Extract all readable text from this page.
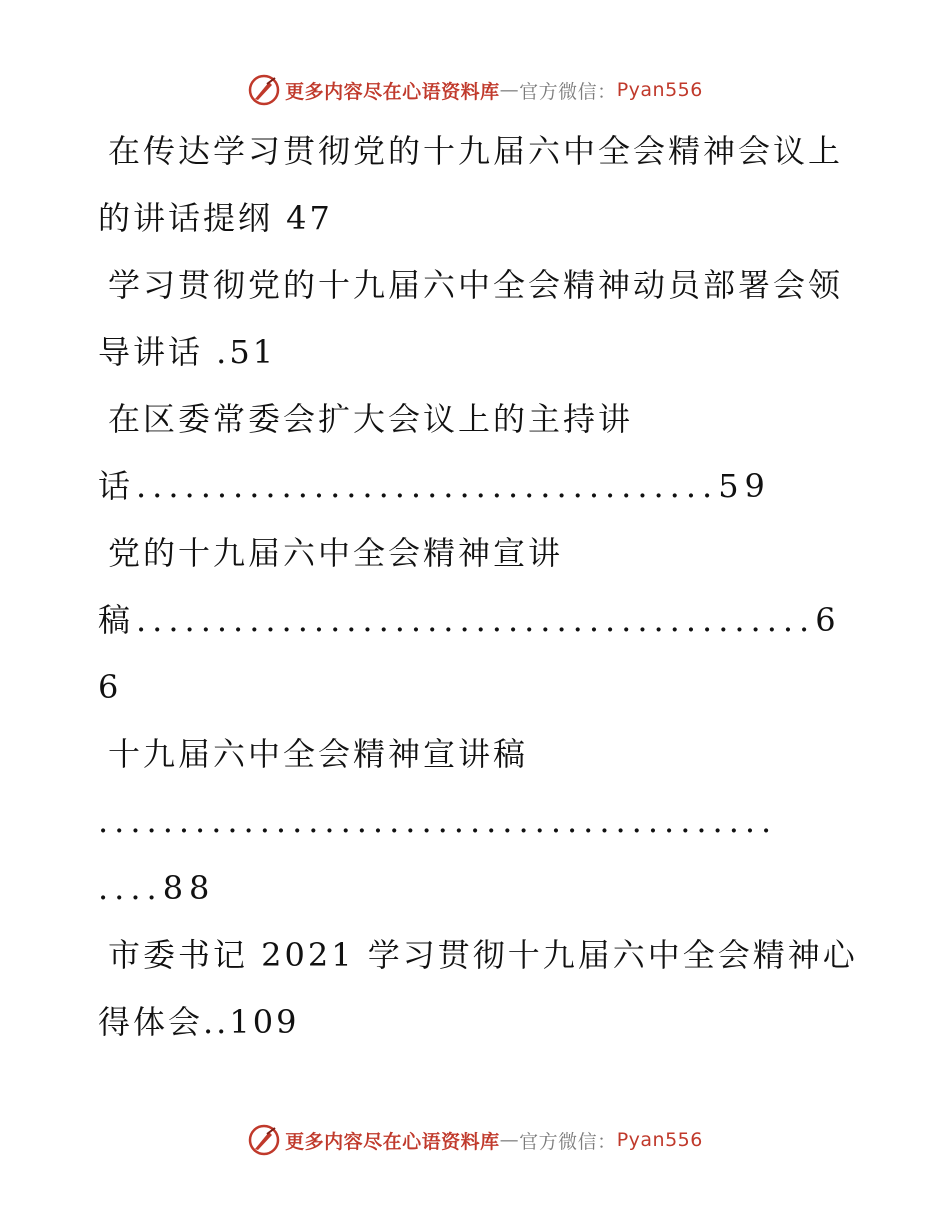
更多内容尽在心语资料库 — 官方微信： Pyan556
在传达学习贯彻党的十九届六中全会精神会议上
的讲话提纲 47
学习贯彻党的十九届六中全会精神动员部署会领
导讲话 .51
在区委常委会扩大会议上的主持讲
话....................................59
党的十九届六中全会精神宣讲
稿..........................................6
6
十九届六中全会精神宣讲稿
..........................................
....88
市委书记 2021 学习贯彻十九届六中全会精神心
得体会..109
更多内容尽在心语资料库 — 官方微信： Pyan556
